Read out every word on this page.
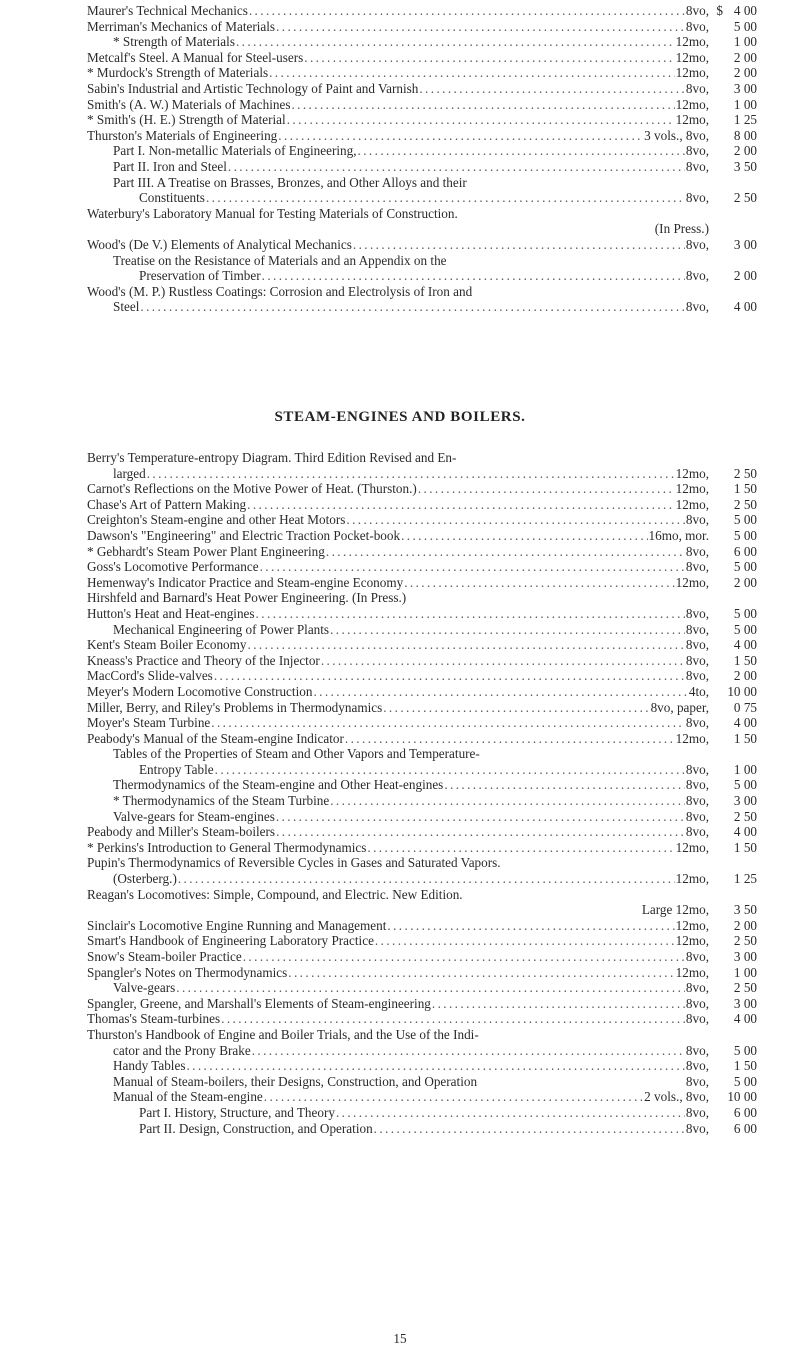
Maurer's Technical Mechanics .....	8vo, $ 4 00
Merriman's Mechanics of Materials .....	8vo,	5 00
* Strength of Materials .....	12mo,	1 00
Metcalf's Steel. A Manual for Steel-users .....	12mo,	2 00
* Murdock's Strength of Materials .....	12mo,	2 00
Sabin's Industrial and Artistic Technology of Paint and Varnish .....	8vo,	3 00
Smith's (A. W.) Materials of Machines .....	12mo,	1 00
* Smith's (H. E.) Strength of Material .....	12mo,	1 25
Thurston's Materials of Engineering .....	3 vols., 8vo,	8 00
Part I. Non-metallic Materials of Engineering, .....	8vo,	2 00
Part II. Iron and Steel .....	8vo,	3 50
Part III. A Treatise on Brasses, Bronzes, and Other Alloys and their
Constituents .....	8vo,	2 50
Waterbury's Laboratory Manual for Testing Materials of Construction.
(In Press.)
Wood's (De V.) Elements of Analytical Mechanics .....	8vo,	3 00
Treatise on the Resistance of Materials and an Appendix on the
Preservation of Timber .....	8vo,	2 00
Wood's (M. P.) Rustless Coatings: Corrosion and Electrolysis of Iron and
Steel .....	8vo,	4 00
STEAM-ENGINES AND BOILERS.
Berry's Temperature-entropy Diagram. Third Edition Revised and En-
larged .....	12mo,	2 50
Carnot's Reflections on the Motive Power of Heat. (Thurston.) .....	12mo,	1 50
Chase's Art of Pattern Making .....	12mo,	2 50
Creighton's Steam-engine and other Heat Motors .....	8vo,	5 00
Dawson's "Engineering" and Electric Traction Pocket-book .....	16mo, mor.	5 00
* Gebhardt's Steam Power Plant Engineering .....	8vo,	6 00
Goss's Locomotive Performance .....	8vo,	5 00
Hemenway's Indicator Practice and Steam-engine Economy .....	12mo,	2 00
Hirshfeld and Barnard's Heat Power Engineering. (In Press.)
Hutton's Heat and Heat-engines .....	8vo,	5 00
Mechanical Engineering of Power Plants .....	8vo,	5 00
Kent's Steam Boiler Economy .....	8vo,	4 00
Kneass's Practice and Theory of the Injector .....	8vo,	1 50
MacCord's Slide-valves .....	8vo,	2 00
Meyer's Modern Locomotive Construction .....	4to,	10 00
Miller, Berry, and Riley's Problems in Thermodynamics .....	8vo, paper,	0 75
Moyer's Steam Turbine .....	8vo,	4 00
Peabody's Manual of the Steam-engine Indicator .....	12mo,	1 50
Tables of the Properties of Steam and Other Vapors and Temperature-
Entropy Table .....	8vo,	1 00
Thermodynamics of the Steam-engine and Other Heat-engines .....	8vo,	5 00
* Thermodynamics of the Steam Turbine .....	8vo,	3 00
Valve-gears for Steam-engines .....	8vo,	2 50
Peabody and Miller's Steam-boilers .....	8vo,	4 00
* Perkins's Introduction to General Thermodynamics .....	12mo,	1 50
Pupin's Thermodynamics of Reversible Cycles in Gases and Saturated Vapors.
(Osterberg.) .....	12mo,	1 25
Reagan's Locomotives: Simple, Compound, and Electric. New Edition.
Large 12mo,	3 50
Sinclair's Locomotive Engine Running and Management .....	12mo,	2 00
Smart's Handbook of Engineering Laboratory Practice .....	12mo,	2 50
Snow's Steam-boiler Practice .....	8vo,	3 00
Spangler's Notes on Thermodynamics .....	12mo,	1 00
Valve-gears .....	8vo,	2 50
Spangler, Greene, and Marshall's Elements of Steam-engineering .....	8vo,	3 00
Thomas's Steam-turbines .....	8vo,	4 00
Thurston's Handbook of Engine and Boiler Trials, and the Use of the Indi-
cator and the Prony Brake .....	8vo,	5 00
Handy Tables .....	8vo,	1 50
Manual of Steam-boilers, their Designs, Construction, and Operation	8vo,	5 00
Manual of the Steam-engine .....	2 vols., 8vo,	10 00
Part I. History, Structure, and Theory .....	8vo,	6 00
Part II. Design, Construction, and Operation .....	8vo,	6 00
15
